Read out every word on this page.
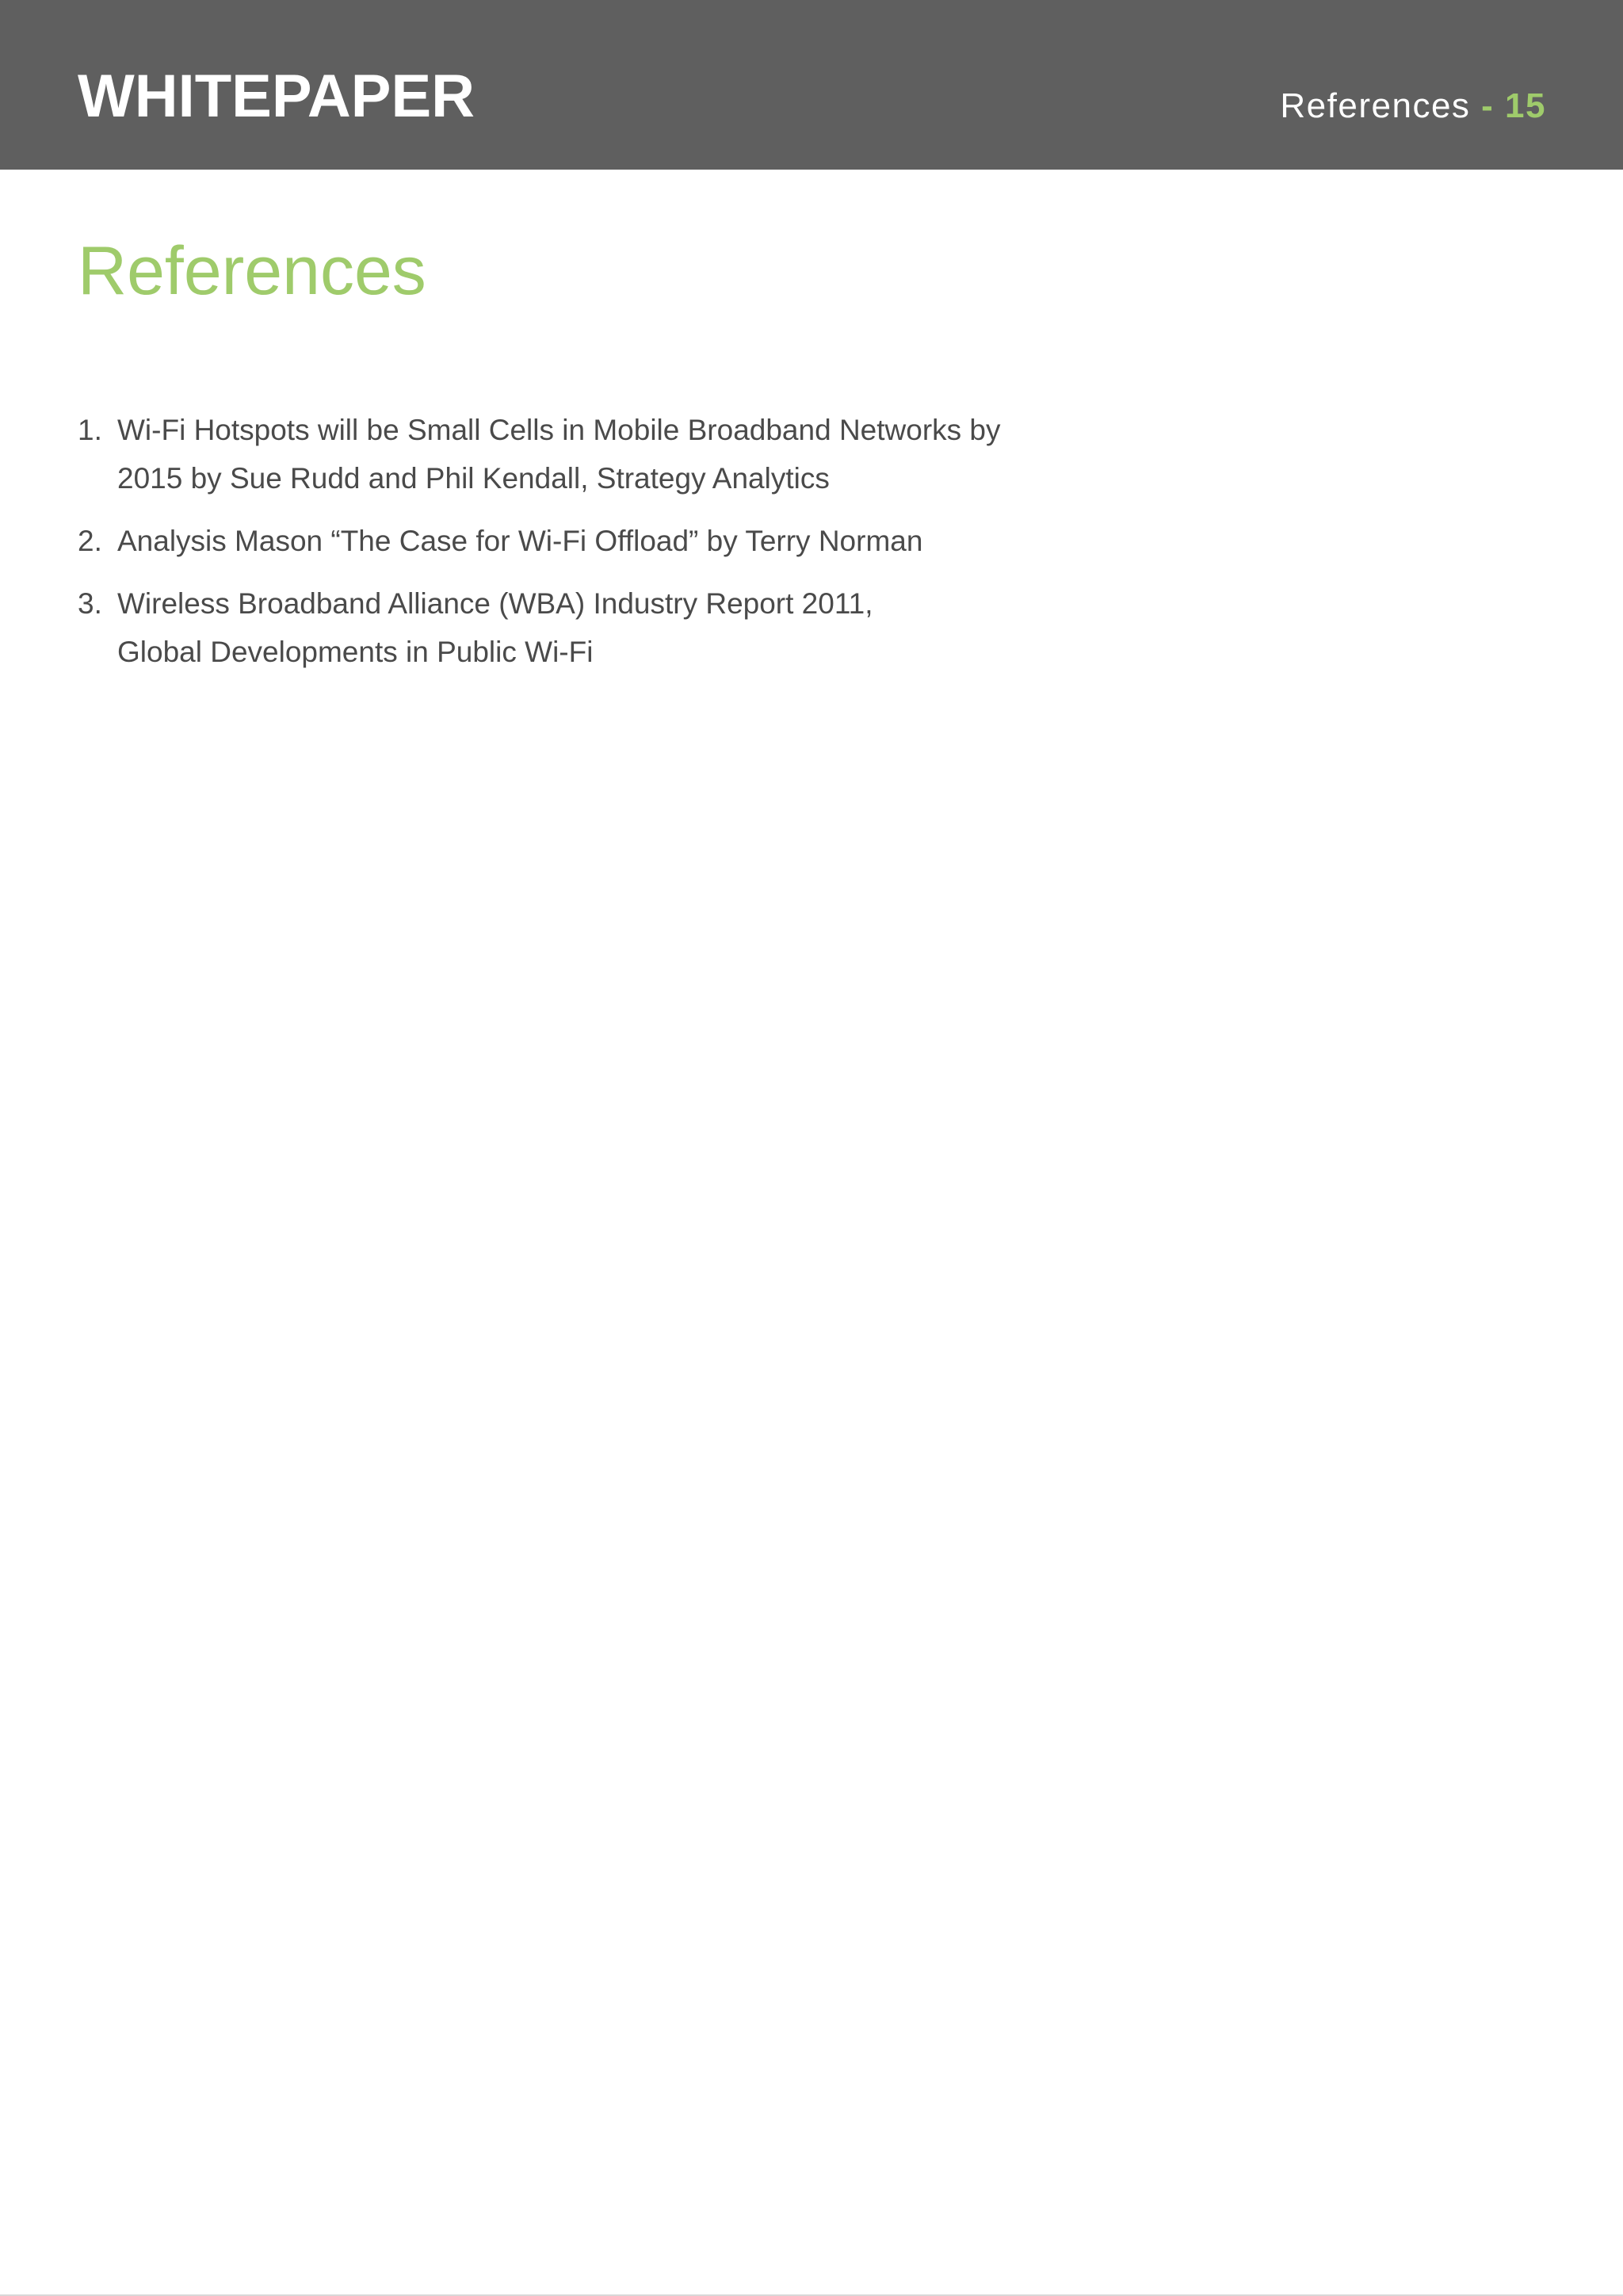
WHITEPAPER	References - 15
References
1. Wi-Fi Hotspots will be Small Cells in Mobile Broadband Networks by
2015 by Sue Rudd and Phil Kendall, Strategy Analytics
2. Analysis Mason “The Case for Wi-Fi Offload” by Terry Norman
3. Wireless Broadband Alliance (WBA) Industry Report 2011,
Global Developments in Public Wi-Fi
